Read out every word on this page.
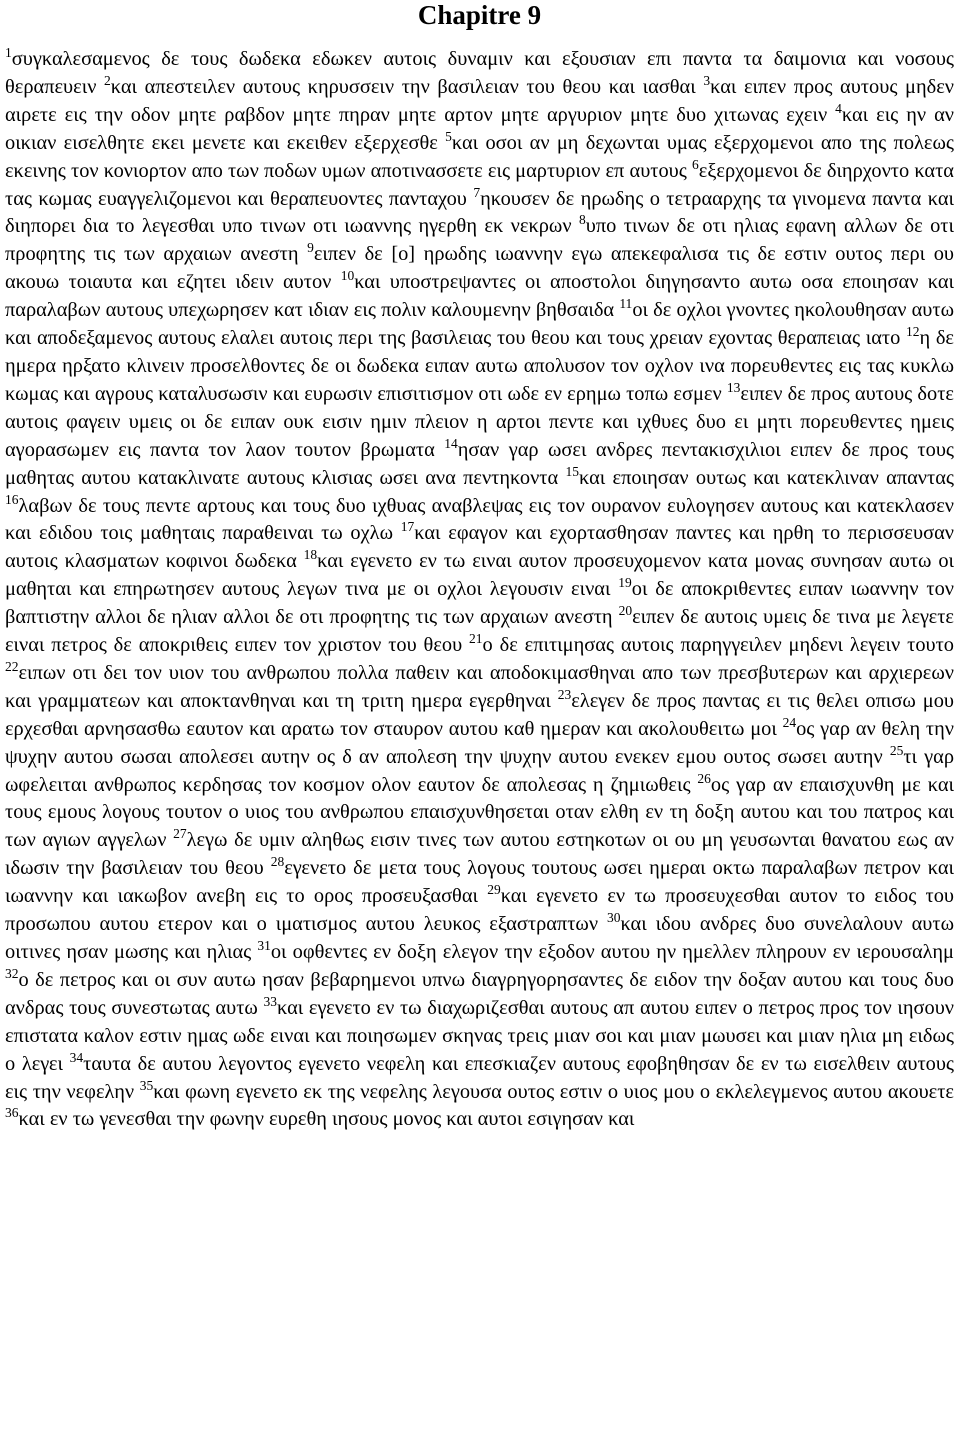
Chapitre 9

$^1$συγκαλεσαμενος δε τους δωδεκα εδωκεν αυτοις δυναμιν και εξουσιαν επι παντα τα δαιμονια και νοσους θεραπευειν $^2$και απεστειλεν αυτους κηρυσσειν την βασιλειαν του θεου και ιασθαι $^3$και ειπεν προς αυτους μηδεν αιρετε εις την οδον μητε ραβδον μητε πηραν μητε αρτον μητε αργυριον μητε δυο χιτωνας εχειν $^4$και εις ην αν οικιαν εισελθητε εκει μενετε και εκειθεν εξερχεσθε $^5$και οσοι αν μη δεχωνται υμας εξερχομενοι απο της πολεως εκεινης τον κονιορτον απο των ποδων υμων αποτινασσετε εις μαρτυριον επ αυτους $^6$εξερχομενοι δε διηρχοντο κατα τας κωμας ευαγγελιζομενοι και θεραπευοντες πανταχου $^7$ηκουσεν δε ηρωδης ο τετρααρχης τα γινομενα παντα και διηπορει δια το λεγεσθαι υπο τινων οτι ιωαννης ηγερθη εκ νεκρων $^8$υπο τινων δε οτι ηλιας εφανη αλλων δε οτι προφητης τις των αρχαιων ανεστη $^9$ειπεν δε [ο] ηρωδης ιωαννην εγω απεκεφαλισα τις δε εστιν ουτος περι ου ακουω τοιαυτα και εζητει ιδειν αυτον $^{10}$και υποστρεψαντες οι αποστολοι διηγησαντο αυτω οσα εποιησαν και παραλαβων αυτους υπεχωρησεν κατ ιδιαν εις πολιν καλουμενην βηθσαιδα $^{11}$οι δε οχλοι γνοντες ηκολουθησαν αυτω και αποδεξαμενος αυτους ελαλει αυτοις περι της βασιλειας του θεου και τους χρειαν εχοντας θεραπειας ιατο $^{12}$η δε ημερα ηρξατο κλινειν προσελθοντες δε οι δωδεκα ειπαν αυτω απολυσον τον οχλον ινα πορευθεντες εις τας κυκλω κωμας και αγρους καταλυσωσιν και ευρωσιν επισιτισμον οτι ωδε εν ερημω τοπω εσμεν $^{13}$ειπεν δε προς αυτους δοτε αυτοις φαγειν υμεις οι δε ειπαν ουκ εισιν ημιν πλειον η αρτοι πεντε και ιχθυες δυο ει μητι πορευθεντες ημεις αγορασωμεν εις παντα τον λαον τουτον βρωματα $^{14}$ησαν γαρ ωσει ανδρες πεντακισχιλιοι ειπεν δε προς τους μαθητας αυτου κατακλινατε αυτους κλισιας ωσει ανα πεντηκοντα $^{15}$και εποιησαν ουτως και κατεκλιναν απαντας $^{16}$λαβων δε τους πεντε αρτους και τους δυο ιχθυας αναβλεψας εις τον ουρανον ευλογησεν αυτους και κατεκλασεν και εδιδου τοις μαθηταις παραθειναι τω οχλω $^{17}$και εφαγον και εχορτασθησαν παντες και ηρθη το περισσευσαν αυτοις κλασματων κοφινοι δωδεκα $^{18}$και εγενετο εν τω ειναι αυτον προσευχομενον κατα μονας συνησαν αυτω οι μαθηται και επηρωτησεν αυτους λεγων τινα με οι οχλοι λεγουσιν ειναι $^{19}$οι δε αποκριθεντες ειπαν ιωαννην τον βαπτιστην αλλοι δε ηλιαν αλλοι δε οτι προφητης τις των αρχαιων ανεστη $^{20}$ειπεν δε αυτοις υμεις δε τινα με λεγετε ειναι πετρος δε αποκριθεις ειπεν τον χριστον του θεου $^{21}$ο δε επιτιμησας αυτοις παρηγγειλεν μηδενι λεγειν τουτο $^{22}$ειπων οτι δει τον υιον του ανθρωπου πολλα παθειν και αποδοκιμασθηναι απο των πρεσβυτερων και αρχιερεων και γραμματεων και αποκτανθηναι και τη τριτη ημερα εγερθηναι $^{23}$ελεγεν δε προς παντας ει τις θελει οπισω μου ερχεσθαι αρνησασθω εαυτον και αρατω τον σταυρον αυτου καθ ημεραν και ακολουθειτω μοι $^{24}$ος γαρ αν θελη την ψυχην αυτου σωσαι απολεσει αυτην ος δ αν απολεση την ψυχην αυτου ενεκεν εμου ουτος σωσει αυτην $^{25}$τι γαρ ωφελειται ανθρωπος κερδησας τον κοσμον ολον εαυτον δε απολεσας η ζημιωθεις $^{26}$ος γαρ αν επαισχυνθη με και τους εμους λογους τουτον ο υιος του ανθρωπου επαισχυνθησεται οταν ελθη εν τη δοξη αυτου και του πατρος και των αγιων αγγελων $^{27}$λεγω δε υμιν αληθως εισιν τινες των αυτου εστηκοτων οι ου μη γευσωνται θανατου εως αν ιδωσιν την βασιλειαν του θεου $^{28}$εγενετο δε μετα τους λογους τουτους ωσει ημεραι οκτω παραλαβων πετρον και ιωαννην και ιακωβον ανεβη εις το ορος προσευξασθαι $^{29}$και εγενετο εν τω προσευχεσθαι αυτον το ειδος του προσωπου αυτου ετερον και ο ιματισμος αυτου λευκος εξαστραπτων $^{30}$και ιδου ανδρες δυο συνελαλουν αυτω οιτινες ησαν μωσης και ηλιας $^{31}$οι οφθεντες εν δοξη ελεγον την εξοδον αυτου ην ημελλεν πληρουν εν ιερουσαλημ $^{32}$ο δε πετρος και οι συν αυτω ησαν βεβαρημενοι υπνω διαγρηγορησαντες δε ειδον την δοξαν αυτου και τους δυο ανδρας τους συνεστωτας αυτω $^{33}$και εγενετο εν τω διαχωριζεσθαι αυτους απ αυτου ειπεν ο πετρος προς τον ιησουν επιστατα καλον εστιν ημας ωδε ειναι και ποιησωμεν σκηνας τρεις μιαν σοι και μιαν μωυσει και μιαν ηλια μη ειδως ο λεγει $^{34}$ταυτα δε αυτου λεγοντος εγενετο νεφελη και επεσκιαζεν αυτους εφοβηθησαν δε εν τω εισελθειν αυτους εις την νεφελην $^{35}$και φωνη εγενετο εκ της νεφελης λεγουσα ουτος εστιν ο υιος μου ο εκλελεγμενος αυτου ακουετε $^{36}$και εν τω γενεσθαι την φωνην ευρεθη ιησους μονος και αυτοι εσιγησαν και
